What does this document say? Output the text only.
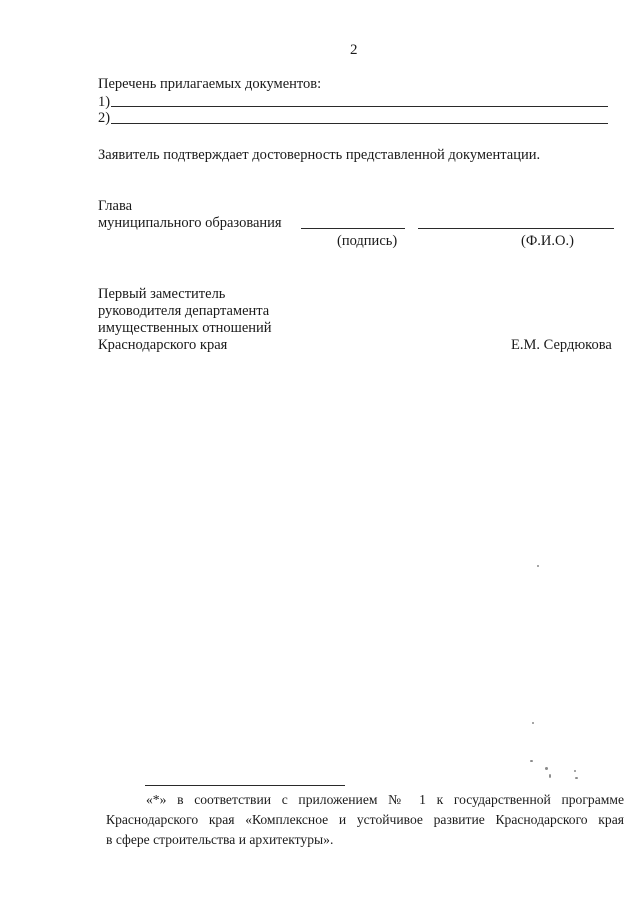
2
Перечень прилагаемых документов:
1)
2)
Заявитель подтверждает достоверность представленной документации.
Глава
муниципального образования
(подпись)	(Ф.И.О.)
Первый заместитель
руководителя департамента
имущественных отношений
Краснодарского края	Е.М. Сердюкова
«*» в соответствии с приложением № 1 к государственной программе
Краснодарского края «Комплексное и устойчивое развитие Краснодарского края
в сфере строительства и архитектуры».
